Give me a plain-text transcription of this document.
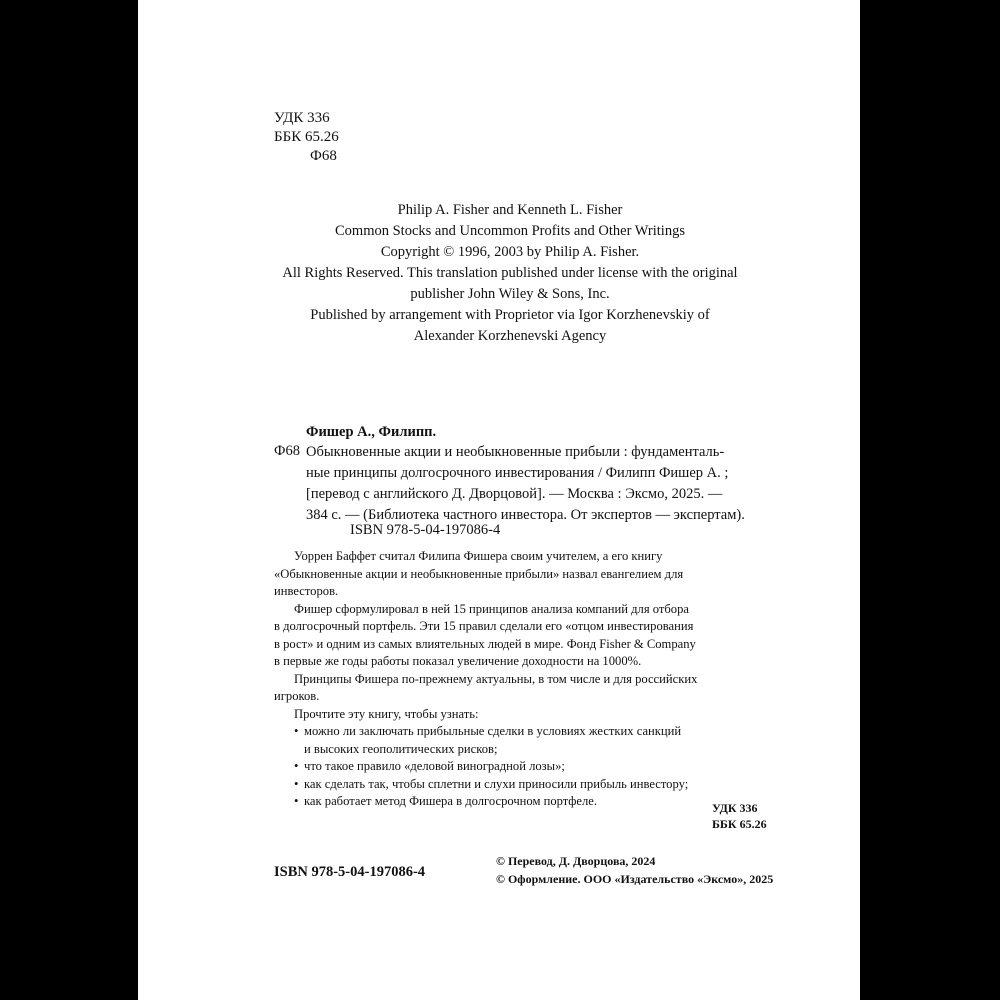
УДК 336
ББК 65.26
Ф68
Philip A. Fisher and Kenneth L. Fisher
Common Stocks and Uncommon Profits and Other Writings
Copyright © 1996, 2003 by Philip A. Fisher.
All Rights Reserved. This translation published under license with the original
publisher John Wiley & Sons, Inc.
Published by arrangement with Proprietor via Igor Korzhenevskiy of
Alexander Korzhenevski Agency
Фишер А., Филипп.
Ф68 Обыкновенные акции и необыкновенные прибыли : фундаменталь-
ные принципы долгосрочного инвестирования / Филипп Фишер А. ;
[перевод с английского Д. Дворцовой]. — Москва : Эксмо, 2025. —
384 с. — (Библиотека частного инвестора. От экспертов — экспертам).
ISBN 978-5-04-197086-4
Уоррен Баффет считал Филипа Фишера своим учителем, а его книгу
«Обыкновенные акции и необыкновенные прибыли» назвал евангелием для
инвесторов.
Фишер сформулировал в ней 15 принципов анализа компаний для отбора
в долгосрочный портфель. Эти 15 правил сделали его «отцом инвестирования
в рост» и одним из самых влиятельных людей в мире. Фонд Fisher & Company
в первые же годы работы показал увеличение доходности на 1000%.
Принципы Фишера по-прежнему актуальны, в том числе и для российских
игроков.
Прочтите эту книгу, чтобы узнать:
• можно ли заключать прибыльные сделки в условиях жестких санкций
и высоких геополитических рисков;
• что такое правило «деловой виноградной лозы»;
• как сделать так, чтобы сплетни и слухи приносили прибыль инвестору;
• как работает метод Фишера в долгосрочном портфеле.	УДК 336
ББК 65.26
ISBN 978-5-04-197086-4
© Перевод, Д. Дворцова, 2024
© Оформление. ООО «Издательство «Эксмо», 2025
